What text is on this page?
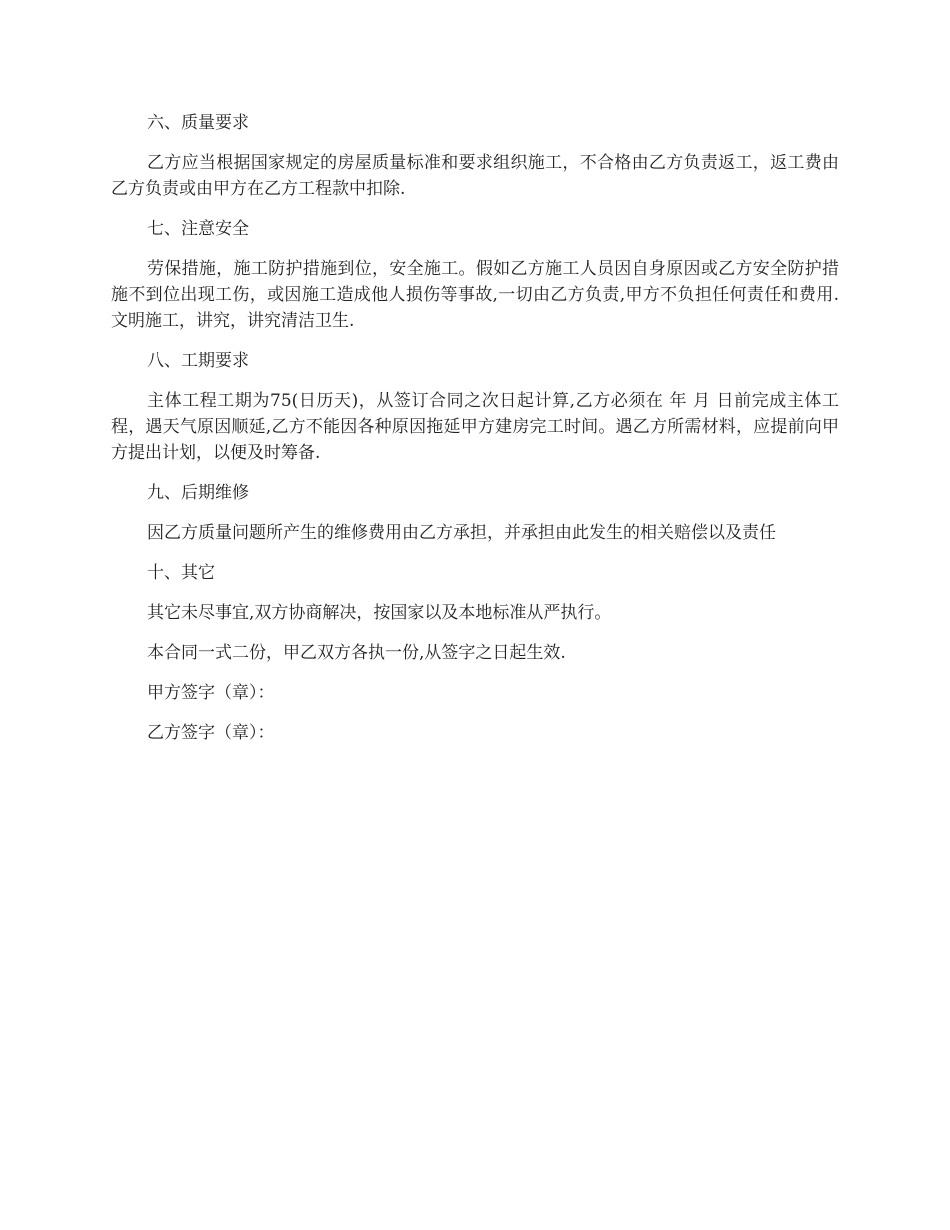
六、质量要求

乙方应当根据国家规定的房屋质量标准和要求组织施工，不合格由乙方负责返工，返工费由乙方负责或由甲方在乙方工程款中扣除.

七、注意安全

劳保措施，施工防护措施到位，安全施工。假如乙方施工人员因自身原因或乙方安全防护措施不到位出现工伤，或因施工造成他人损伤等事故,一切由乙方负责,甲方不负担任何责任和费用.文明施工，讲究，讲究清洁卫生.

八、工期要求

主体工程工期为75(日历天)，从签订合同之次日起计算,乙方必须在 年 月 日前完成主体工程，遇天气原因顺延,乙方不能因各种原因拖延甲方建房完工时间。遇乙方所需材料，应提前向甲方提出计划，以便及时筹备.

九、后期维修

因乙方质量问题所产生的维修费用由乙方承担，并承担由此发生的相关赔偿以及责任

十、其它

其它未尽事宜,双方协商解决，按国家以及本地标准从严执行。

本合同一式二份，甲乙双方各执一份,从签字之日起生效.

甲方签字（章）：

乙方签字（章）：
